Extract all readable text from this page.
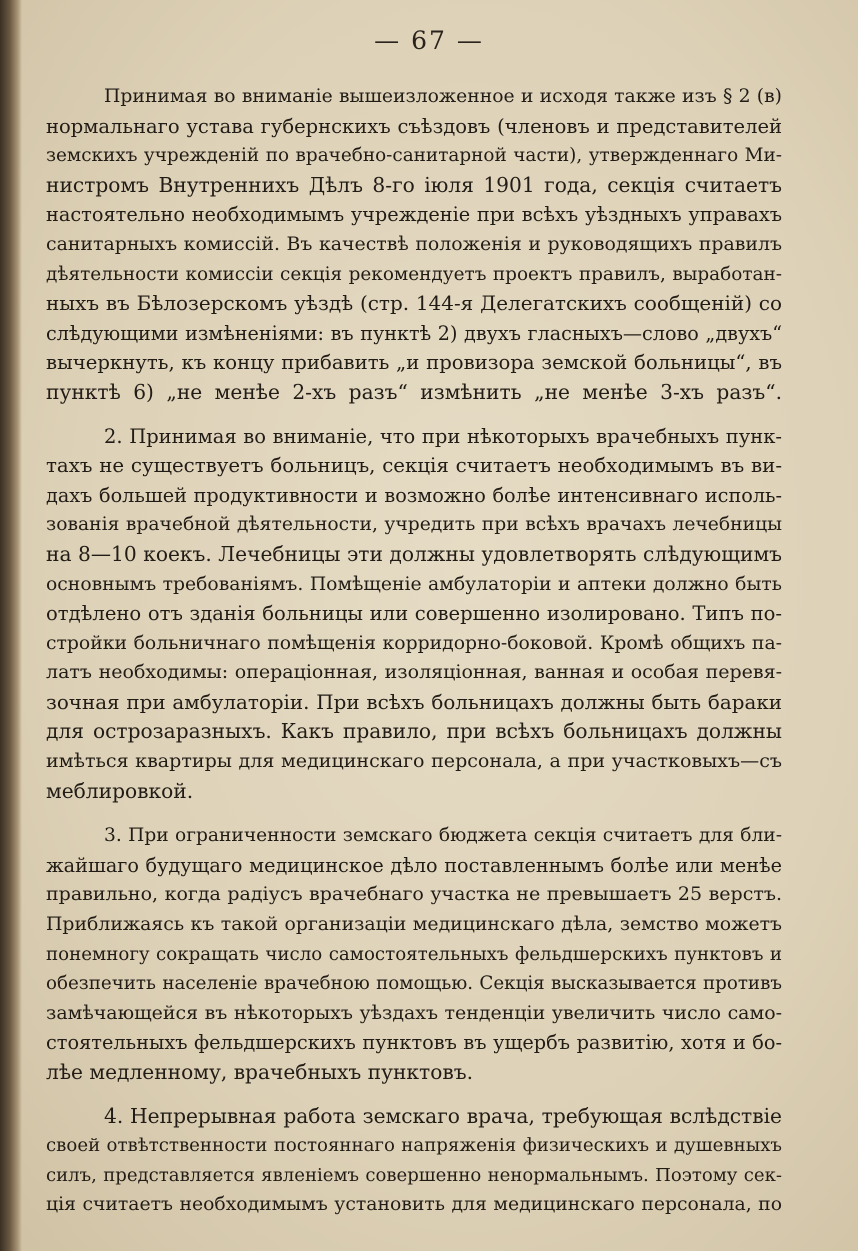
— 67 —
Принимая во вниманіе вышеизложенное и исходя также изъ § 2 (в)
нормальнаго устава губернскихъ съѣздовъ (членовъ и представителей
земскихъ учрежденій по врачебно-санитарной части), утвержденнаго Ми-
нистромъ Внутреннихъ Дѣлъ 8-го іюля 1901 года, секція считаетъ
настоятельно необходимымъ учрежденіе при всѣхъ уѣздныхъ управахъ
санитарныхъ комиссій. Въ качествѣ положенія и руководящихъ правилъ
дѣятельности комиссіи секція рекомендуетъ проектъ правилъ, выработан-
ныхъ въ Бѣлозерскомъ уѣздѣ (стр. 144-я Делегатскихъ сообщеній) со
слѣдующими измѣненіями: въ пунктѣ 2) двухъ гласныхъ—слово „двухъ“
вычеркнуть, къ концу прибавить „и провизора земской больницы“, въ
пунктѣ 6) „не менѣе 2-хъ разъ“ измѣнить „не менѣе 3-хъ разъ“.
2. Принимая во вниманіе, что при нѣкоторыхъ врачебныхъ пунк-
тахъ не существуетъ больницъ, секція считаетъ необходимымъ въ ви-
дахъ большей продуктивности и возможно болѣе интенсивнаго исполь-
зованія врачебной дѣятельности, учредить при всѣхъ врачахъ лечебницы
на 8—10 коекъ. Лечебницы эти должны удовлетворять слѣдующимъ
основнымъ требованіямъ. Помѣщеніе амбулаторіи и аптеки должно быть
отдѣлено отъ зданія больницы или совершенно изолировано. Типъ по-
стройки больничнаго помѣщенія корридорно-боковой. Кромѣ общихъ па-
латъ необходимы: операціонная, изоляціонная, ванная и особая перевя-
зочная при амбулаторіи. При всѣхъ больницахъ должны быть бараки
для острозаразныхъ. Какъ правило, при всѣхъ больницахъ должны
имѣться квартиры для медицинскаго персонала, а при участковыхъ—съ
меблировкой.
3. При ограниченности земскаго бюджета секція считаетъ для бли-
жайшаго будущаго медицинское дѣло поставленнымъ болѣе или менѣе
правильно, когда радіусъ врачебнаго участка не превышаетъ 25 верстъ.
Приближаясь къ такой организаціи медицинскаго дѣла, земство можетъ
понемногу сокращать число самостоятельныхъ фельдшерскихъ пунктовъ и
обезпечить населеніе врачебною помощью. Секція высказывается противъ
замѣчающейся въ нѣкоторыхъ уѣздахъ тенденціи увеличить число само-
стоятельныхъ фельдшерскихъ пунктовъ въ ущербъ развитію, хотя и бо-
лѣе медленному, врачебныхъ пунктовъ.
4. Непрерывная работа земскаго врача, требующая вслѣдствіе
своей отвѣтственности постояннаго напряженія физическихъ и душевныхъ
силъ, представляется явленіемъ совершенно ненормальнымъ. Поэтому сек-
ція считаетъ необходимымъ установить для медицинскаго персонала, по
